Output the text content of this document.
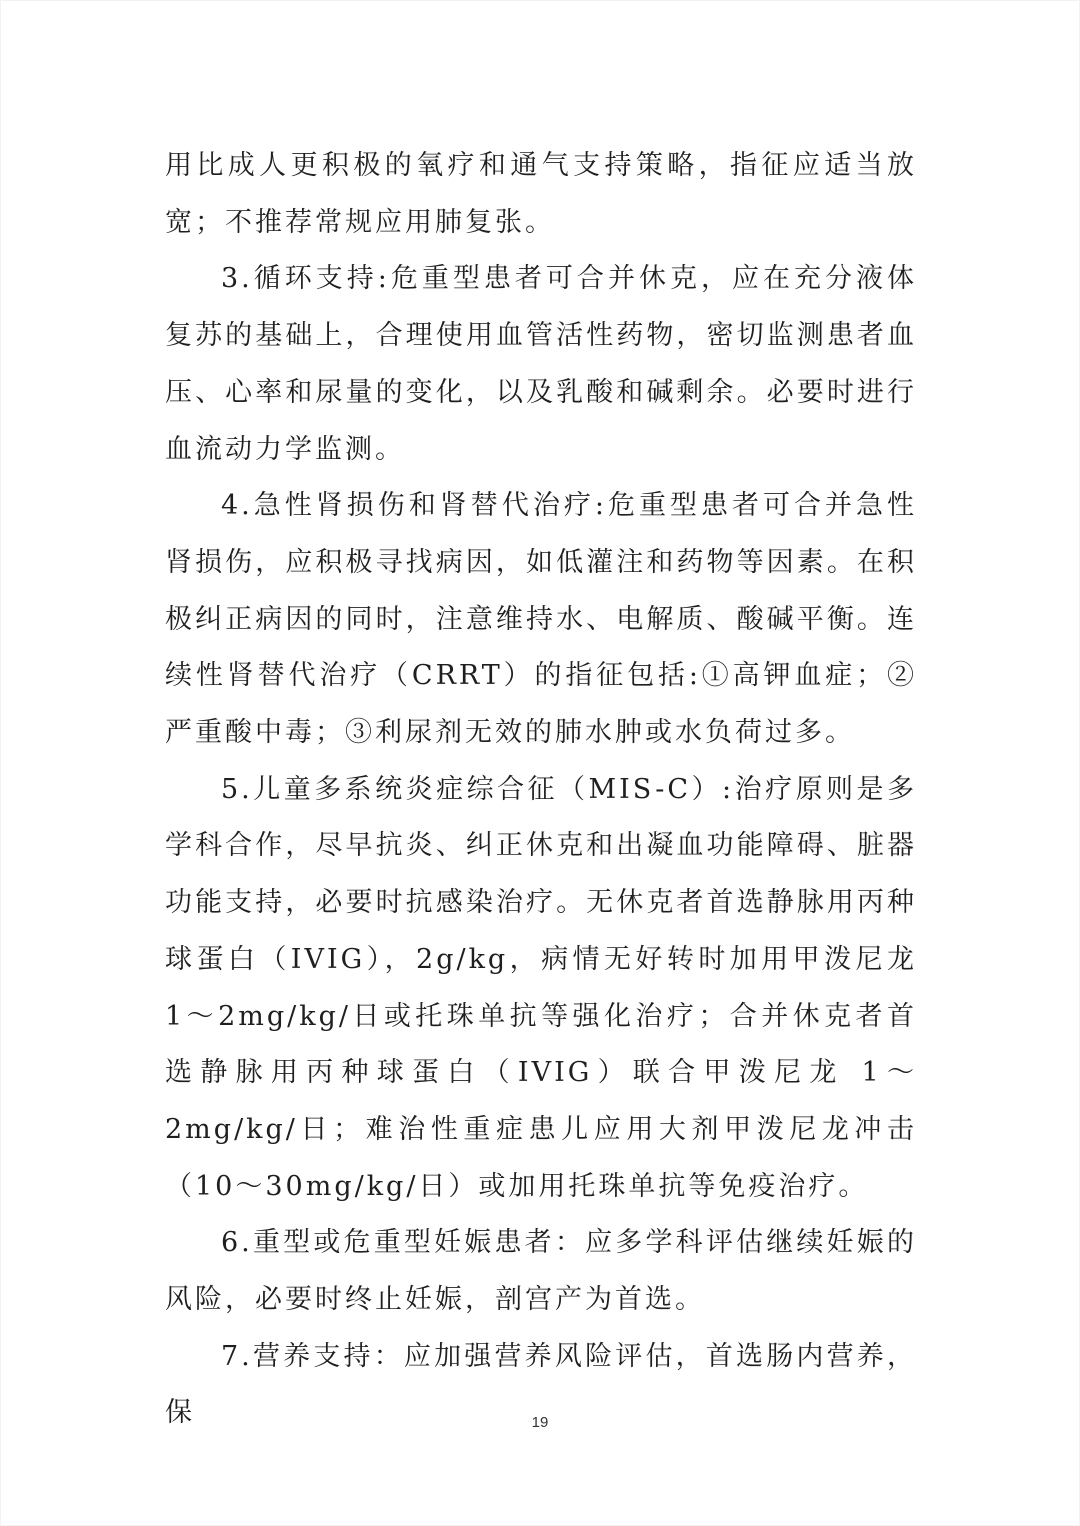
用比成人更积极的氧疗和通气支持策略，指征应适当放宽；不推荐常规应用肺复张。

3.循环支持:危重型患者可合并休克，应在充分液体复苏的基础上，合理使用血管活性药物，密切监测患者血压、心率和尿量的变化，以及乳酸和碱剩余。必要时进行血流动力学监测。

4.急性肾损伤和肾替代治疗:危重型患者可合并急性肾损伤，应积极寻找病因，如低灌注和药物等因素。在积极纠正病因的同时，注意维持水、电解质、酸碱平衡。连续性肾替代治疗（CRRT）的指征包括:①高钾血症；②严重酸中毒；③利尿剂无效的肺水肿或水负荷过多。

5.儿童多系统炎症综合征（MIS-C）:治疗原则是多学科合作，尽早抗炎、纠正休克和出凝血功能障碍、脏器功能支持，必要时抗感染治疗。无休克者首选静脉用丙种球蛋白（IVIG），2g/kg，病情无好转时加用甲泼尼龙 1～2mg/kg/日或托珠单抗等强化治疗；合并休克者首选静脉用丙种球蛋白（IVIG）联合甲泼尼龙 1～2mg/kg/日；难治性重症患儿应用大剂甲泼尼龙冲击（10～30mg/kg/日）或加用托珠单抗等免疫治疗。

6.重型或危重型妊娠患者：应多学科评估继续妊娠的风险，必要时终止妊娠，剖宫产为首选。

7.营养支持：应加强营养风险评估，首选肠内营养，保	19
